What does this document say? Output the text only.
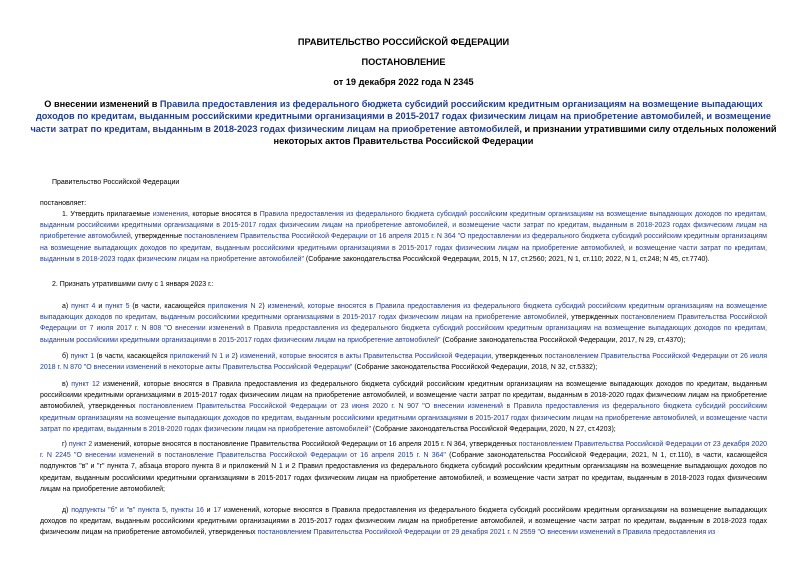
ПРАВИТЕЛЬСТВО РОССИЙСКОЙ ФЕДЕРАЦИИ
ПОСТАНОВЛЕНИЕ
от 19 декабря 2022 года N 2345
О внесении изменений в Правила предоставления из федерального бюджета субсидий российским кредитным организациям на возмещение выпадающих доходов по кредитам, выданным российскими кредитными организациями в 2015-2017 годах физическим лицам на приобретение автомобилей, и возмещение части затрат по кредитам, выданным в 2018-2023 годах физическим лицам на приобретение автомобилей, и признании утратившими силу отдельных положений некоторых актов Правительства Российской Федерации
Правительство Российской Федерации
постановляет:
1. Утвердить прилагаемые изменения, которые вносятся в Правила предоставления из федерального бюджета субсидий российским кредитным организациям на возмещение выпадающих доходов по кредитам, выданным российскими кредитными организациями в 2015-2017 годах физическим лицам на приобретение автомобилей, и возмещение части затрат по кредитам, выданным в 2018-2023 годах физическим лицам на приобретение автомобилей, утвержденные постановлением Правительства Российской Федерации от 16 апреля 2015 г. N 364 "О предоставлении из федерального бюджета субсидий российским кредитным организациям на возмещение выпадающих доходов по кредитам, выданным российскими кредитными организациями в 2015-2017 годах физическим лицам на приобретение автомобилей, и возмещение части затрат по кредитам, выданным в 2018-2023 годах физическим лицам на приобретение автомобилей" (Собрание законодательства Российской Федерации, 2015, N 17, ст.2560; 2021, N 1, ст.110; 2022, N 1, ст.248; N 45, ст.7740).
2. Признать утратившими силу с 1 января 2023 г.:
а) пункт 4 и пункт 5 (в части, касающейся приложения N 2) изменений, которые вносятся в Правила предоставления из федерального бюджета субсидий российским кредитным организациям на возмещение выпадающих доходов по кредитам, выданным российскими кредитными организациями в 2015-2017 годах физическим лицам на приобретение автомобилей, утвержденных постановлением Правительства Российской Федерации от 7 июля 2017 г. N 808 "О внесении изменений в Правила предоставления из федерального бюджета субсидий российским кредитным организациям на возмещение выпадающих доходов по кредитам, выданным российскими кредитными организациями в 2015-2017 годах физическим лицам на приобретение автомобилей" (Собрание законодательства Российской Федерации, 2017, N 29, ст.4370);
б) пункт 1 (в части, касающейся приложений N 1 и 2) изменений, которые вносятся в акты Правительства Российской Федерации, утвержденных постановлением Правительства Российской Федерации от 26 июля 2018 г. N 870 "О внесении изменений в некоторые акты Правительства Российской Федерации" (Собрание законодательства Российской Федерации, 2018, N 32, ст.5332);
в) пункт 12 изменений, которые вносятся в Правила предоставления из федерального бюджета субсидий российским кредитным организациям на возмещение выпадающих доходов по кредитам, выданным российскими кредитными организациями в 2015-2017 годах физическим лицам на приобретение автомобилей, и возмещение части затрат по кредитам, выданным в 2018-2020 годах физическим лицам на приобретение автомобилей, утвержденных постановлением Правительства Российской Федерации от 23 июня 2020 г. N 907 "О внесении изменений в Правила предоставления из федерального бюджета субсидий российским кредитным организациям на возмещение выпадающих доходов по кредитам, выданным российскими кредитными организациями в 2015-2017 годах физическим лицам на приобретение автомобилей, и возмещение части затрат по кредитам, выданным в 2018-2020 годах физическим лицам на приобретение автомобилей" (Собрание законодательства Российской Федерации, 2020, N 27, ст.4203);
г) пункт 2 изменений, которые вносятся в постановление Правительства Российской Федерации от 16 апреля 2015 г. N 364, утвержденных постановлением Правительства Российской Федерации от 23 декабря 2020 г. N 2245 "О внесении изменений в постановление Правительства Российской Федерации от 16 апреля 2015 г. N 364" (Собрание законодательства Российской Федерации, 2021, N 1, ст.110), в части, касающейся подпунктов "в" и "г" пункта 7, абзаца второго пункта 8 и приложений N 1 и 2 Правил предоставления из федерального бюджета субсидий российским кредитным организациям на возмещение выпадающих доходов по кредитам, выданным российскими кредитными организациями в 2015-2017 годах физическим лицам на приобретение автомобилей, и возмещение части затрат по кредитам, выданным в 2018-2023 годах физическим лицам на приобретение автомобилей;
д) подпункты "б" и "в" пункта 5, пункты 16 и 17 изменений, которые вносятся в Правила предоставления из федерального бюджета субсидий российским кредитным организациям на возмещение выпадающих доходов по кредитам, выданным российскими кредитными организациями в 2015-2017 годах физическим лицам на приобретение автомобилей, и возмещение части затрат по кредитам, выданным в 2018-2023 годах физическим лицам на приобретение автомобилей, утвержденных постановлением Правительства Российской Федерации от 29 декабря 2021 г. N 2559 "О внесении изменений в Правила предоставления из
